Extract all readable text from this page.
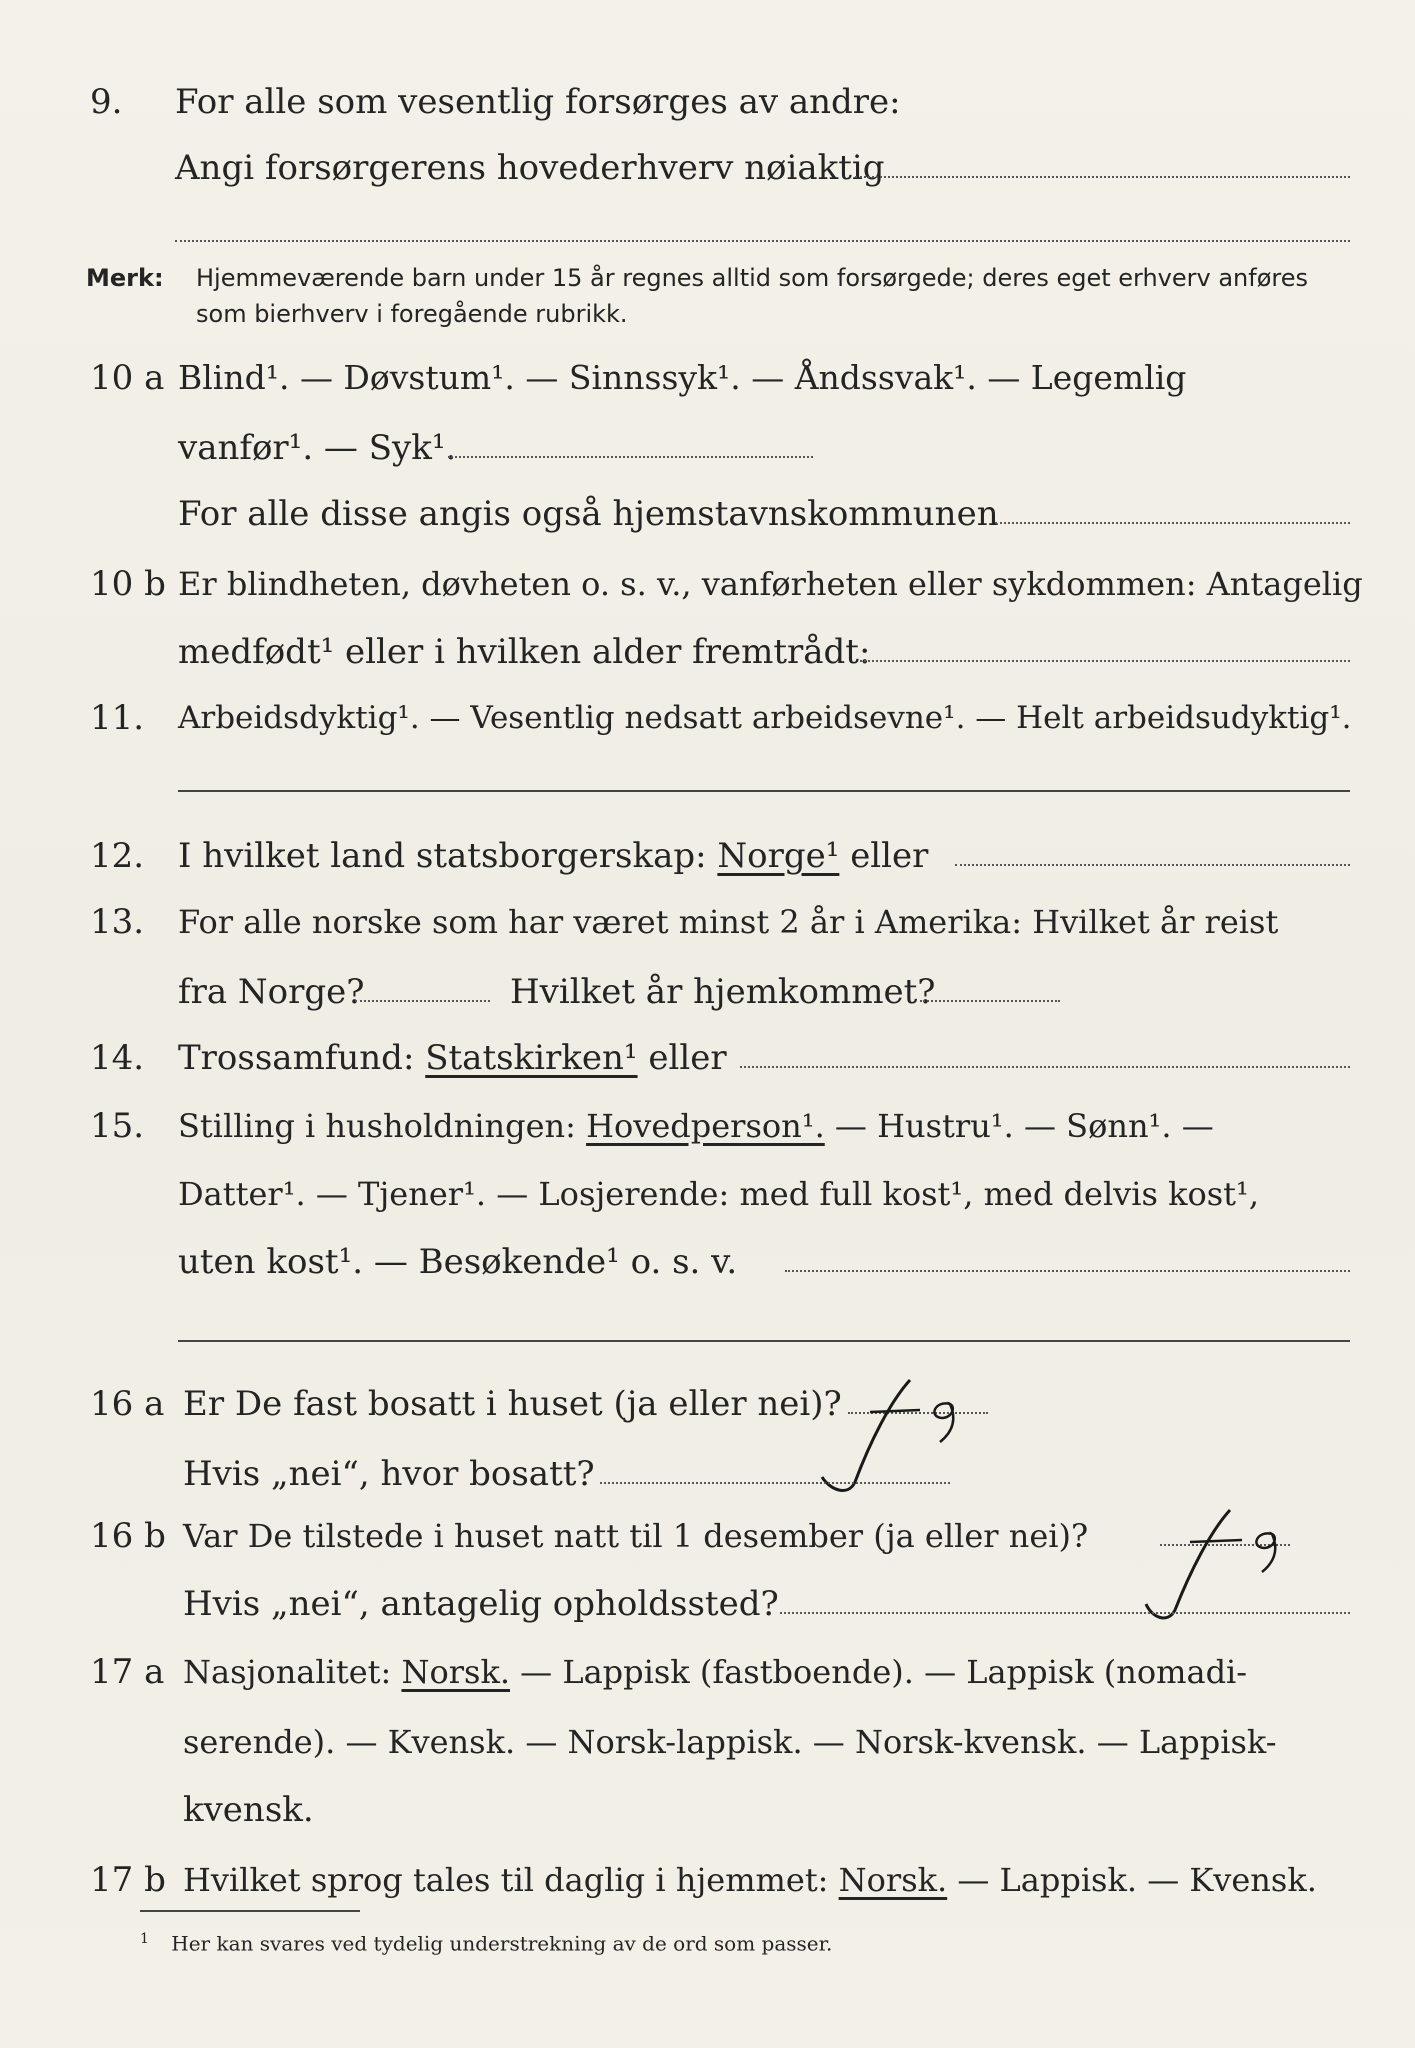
9.	For alle som vesentlig forsørges av andre:
Angi forsørgerens hovederhverv nøiaktig
Merk: Hjemmeværende barn under 15 år regnes alltid som forsørgede; deres eget erhverv anføres som bierhverv i foregående rubrikk.
10 a Blind¹. — Døvstum¹. — Sinnssyk¹. — Åndssvak¹. — Legemlig
vanfør¹. — Syk¹.
For alle disse angis også hjemstavnskommunen
10 b Er blindheten, døvheten o. s. v., vanførheten eller sykdommen: Antagelig
medfødt¹ eller i hvilken alder fremtrådt:
11.	Arbeidsdyktig¹. — Vesentlig nedsatt arbeidsevne¹. — Helt arbeidsudyktig¹.
12. I hvilket land statsborgerskap: Norge¹ eller
13.	For alle norske som har været minst 2 år i Amerika: Hvilket år reist
fra Norge?	Hvilket år hjemkommet?
14. Trossamfund: Statskirken¹ eller
15.	Stilling i husholdningen: Hovedperson¹. — Hustru¹. — Sønn¹. —
Datter¹. — Tjener¹. — Losjerende: med full kost¹, med delvis kost¹,
uten kost¹. — Besøkende¹ o. s. v.
16 a Er De fast bosatt i huset (ja eller nei)?
Hvis „nei“, hvor bosatt?
16 b Var De tilstede i huset natt til 1 desember (ja eller nei)?
Hvis „nei“, antagelig opholdssted?
17 a Nasjonalitet: Norsk. — Lappisk (fastboende). — Lappisk (nomadi-
serende). — Kvensk. — Norsk-lappisk. — Norsk-kvensk. — Lappisk-
kvensk.
17 b Hvilket sprog tales til daglig i hjemmet: Norsk. — Lappisk. — Kvensk.
$^1$ Her kan svares ved tydelig understrekning av de ord som passer.
